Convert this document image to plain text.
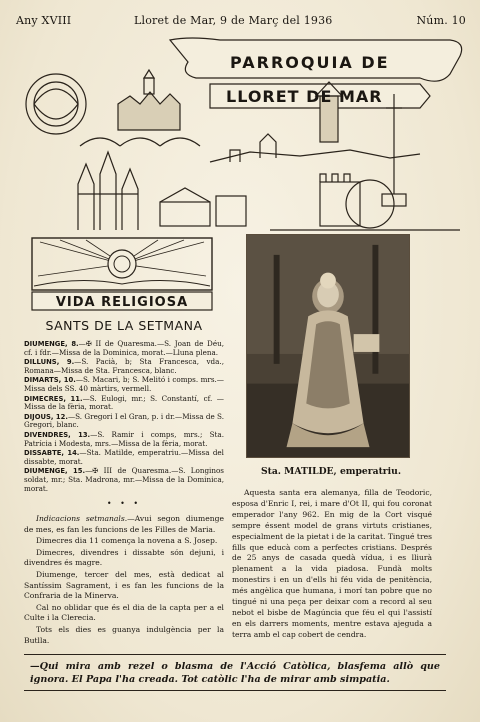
Any XVIII	Lloret de Mar, 9 de Març del 1936	Núm. 10
PARROQUIA DE
LLORET DE MAR
VIDA RELIGIOSA
SANTS DE LA SETMANA
DIUMENGE, 8.—✠ II de Quaresma.—S. Joan de Déu, cf. i fdr.—Missa de la Dominica, morat.—Lluna plena.
DILLUNS, 9.—S. Pacià, b; Sta Francesca, vda., Romana—Missa de Sta. Francesca, blanc.
DIMARTS, 10.—S. Macari, b; S. Melitó i comps. mrs.—Missa dels SS. 40 màrtirs, vermell.
DIMECRES, 11.—S. Eulogi, mr.; S. Constantí, cf. —Missa de la fèria, morat.
DIJOUS, 12.—S. Gregori I el Gran, p. i dr.—Missa de S. Gregori, blanc.
DIVENDRES, 13.—S. Ramir i comps, mrs.; Sta. Patrícia i Modesta, mrs.—Missa de la fèria, morat.
DISSABTE, 14.—Sta. Matilde, emperatriu.—Missa del dissabte, morat.
DIUMENGE, 15.—✠ III de Quaresma.—S. Longinos soldat, mr.; Sta. Madrona, mr.—Missa de la Dominica, morat.
• • •

Indicacions setmanals.—Avui segon diumenge de mes, es fan les funcions de les Filles de Maria.

Dimecres dia 11 comença la novena a S. Josep.

Dimecres, divendres i dissabte són dejuni, i divendres és magre.

Diumenge, tercer del mes, està dedicat al Santíssim Sagrament, i es fan les funcions de la Confraria de la Minerva.

Cal no oblidar que és el dia de la capta per a el Culte i la Clerecia.

Tots els dies es guanya indulgència per la Butlla.

Sta. MATILDE, emperatriu.

Aquesta santa era alemanya, filla de Teodoric, esposa d'Enric I, rei, i mare d'Ot II, qui fou coronat emperador l'any 962. En mig de la Cort visqué sempre éssent model de grans virtuts cristianes, especialment de la pietat i de la caritat. Tingué tres fills que educà com a perfectes cristians. Després de 25 anys de casada quedà vídua, i es lliurà plenament a la vida piadosa. Fundà molts monestirs i en un d'ells hi féu vida de penitència, més angèlica que humana, i morí tan pobre que no tingué ni una peça per deixar com a record al seu nebot el bisbe de Magúncia que féu el qui l'assistí en els darrers moments, mentre estava ajeguda a terra amb el cap cobert de cendra.

—Qui mira amb rezel o blasma de l'Acció Catòlica, blasfema allò que ignora. El Papa l'ha creada. Tot catòlic l'ha de mirar amb simpatia.
